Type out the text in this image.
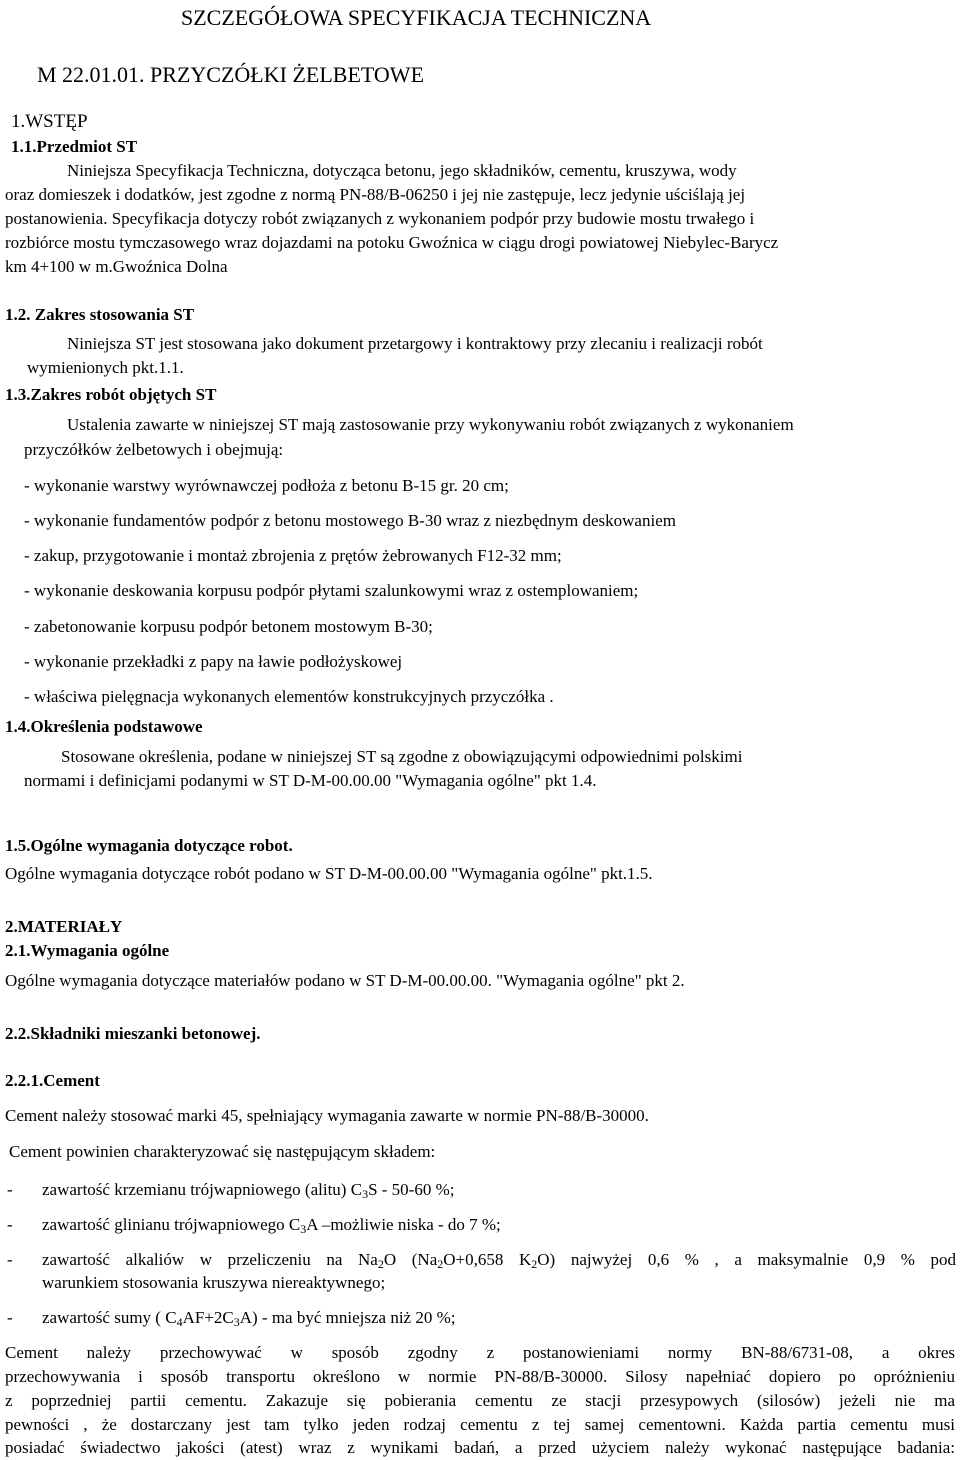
SZCZEGÓŁOWA SPECYFIKACJA TECHNICZNA
M 22.01.01. PRZYCZÓŁKI ŻELBETOWE
1.WSTĘP
1.1.Przedmiot ST
Niniejsza Specyfikacja Techniczna, dotycząca betonu, jego składników, cementu, kruszywa, wody
oraz domieszek i dodatków, jest zgodne z normą PN-88/B-06250 i jej nie zastępuje, lecz jedynie uściślają jej
postanowienia. Specyfikacja dotyczy robót związanych z wykonaniem podpór przy budowie mostu trwałego i
rozbiórce mostu tymczasowego wraz dojazdami na potoku Gwoźnica w ciągu drogi powiatowej Niebylec-Barycz
km 4+100 w m.Gwoźnica Dolna
1.2. Zakres stosowania ST
Niniejsza ST jest stosowana jako dokument przetargowy i kontraktowy przy zlecaniu i realizacji robót
wymienionych pkt.1.1.
1.3.Zakres robót objętych ST
Ustalenia zawarte w niniejszej ST mają zastosowanie przy wykonywaniu robót związanych z wykonaniem
przyczółków żelbetowych i obejmują:
- wykonanie warstwy wyrównawczej podłoża z betonu B-15 gr. 20 cm;
- wykonanie fundamentów podpór z betonu mostowego B-30 wraz z niezbędnym deskowaniem
- zakup, przygotowanie i montaż zbrojenia z prętów żebrowanych F12-32 mm;
- wykonanie deskowania korpusu podpór płytami szalunkowymi wraz z ostemplowaniem;
- zabetonowanie korpusu podpór betonem mostowym B-30;
- wykonanie przekładki z papy na ławie podłożyskowej
- właściwa pielęgnacja wykonanych elementów konstrukcyjnych przyczółka .
1.4.Określenia podstawowe
Stosowane określenia, podane w niniejszej ST są zgodne z obowiązującymi odpowiednimi polskimi
normami i definicjami podanymi w ST D-M-00.00.00 "Wymagania ogólne" pkt 1.4.
1.5.Ogólne wymagania dotyczące robot.
Ogólne wymagania dotyczące robót podano w ST D-M-00.00.00 "Wymagania ogólne" pkt.1.5.
2.MATERIAŁY
2.1.Wymagania ogólne
Ogólne wymagania dotyczące materiałów podano w ST D-M-00.00.00. "Wymagania ogólne" pkt 2.
2.2.Składniki mieszanki betonowej.
2.2.1.Cement
Cement należy stosować marki 45, spełniający wymagania zawarte w normie PN-88/B-30000.
Cement powinien charakteryzować się następującym składem:
- zawartość krzemianu trójwapniowego (alitu) $C_3S - 50-60$ %;
- zawartość glinianu trójwapniowego $C_3A$ –możliwie niska - do 7 %;
- zawartość alkaliów w przeliczeniu na $Na_2O$ ($Na_2O+0,658$ $K_2O$) najwyżej 0,6 % , a maksymalnie 0,9 % pod
warunkiem stosowania kruszywa niereaktywnego;
- zawartość sumy ( $C_4AF+2C_3A$) - ma być mniejsza niż 20 %;
Cement należy przechowywać w sposób zgodny z postanowieniami normy BN-88/6731-08, a okres
przechowywania i sposób transportu określono w normie PN-88/B-30000. Silosy napełniać dopiero po opróżnieniu
z poprzedniej partii cementu. Zakazuje się pobierania cementu ze stacji przesypowych (silosów) jeżeli nie ma
pewności , że dostarczany jest tam tylko jeden rodzaj cementu z tej samej cementowni. Każda partia cementu musi
posiadać świadectwo jakości (atest) wraz z wynikami badań, a przed użyciem należy wykonać następujące badania:
